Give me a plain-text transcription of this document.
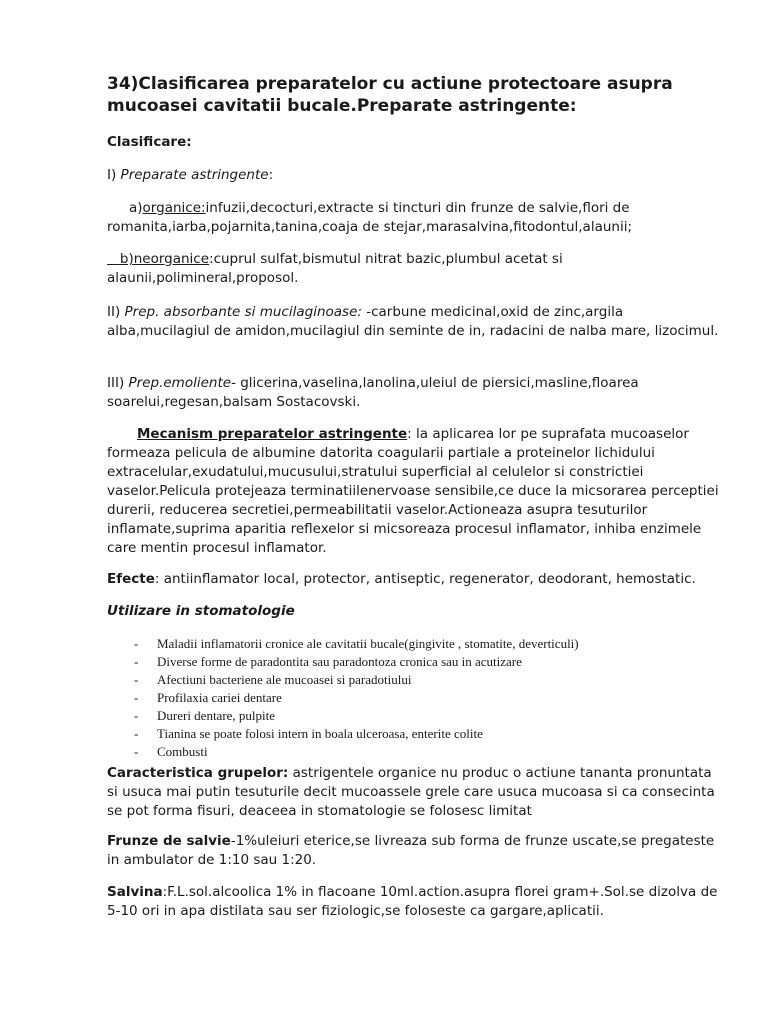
34)Clasificarea preparatelor cu actiune protectoare asupra mucoasei cavitatii bucale.Preparate astringente:

Clasificare:

I) Preparate astringente:

a)organice:infuzii,decocturi,extracte si tincturi din frunze de salvie,flori de romanita,iarba,pojarnita,tanina,coaja de stejar,marasalvina,fitodontul,alaunii;

b)neorganice:cuprul sulfat,bismutul nitrat bazic,plumbul acetat si alaunii,polimineral,proposol.

II) Prep. absorbante si mucilaginoase: -carbune medicinal,oxid de zinc,argila alba,mucilagiul de amidon,mucilagiul din seminte de in, radacini de nalba mare, lizocimul.

III) Prep.emoliente- glicerina,vaselina,lanolina,uleiul de piersici,masline,floarea soarelui,regesan,balsam Sostacovski.

Mecanism preparatelor astringente: la aplicarea lor pe suprafata mucoaselor formeaza pelicula de albumine datorita coagularii partiale a proteinelor lichidului extracelular,exudatului,mucusului,stratului superficial al celulelor si constrictiei vaselor.Pelicula protejeaza terminatiilenervoase sensibile,ce duce la micsorarea perceptiei durerii, reducerea secretiei,permeabilitatii vaselor.Actioneaza asupra tesuturilor inflamate,suprima aparitia reflexelor si micsoreaza procesul inflamator, inhiba enzimele care mentin procesul inflamator.

Efecte: antiinflamator local, protector, antiseptic, regenerator, deodorant, hemostatic.

Utilizare in stomatologie

- Maladii inflamatorii cronice ale cavitatii bucale(gingivite , stomatite, deverticuli)
- Diverse forme de paradontita sau paradontoza cronica sau in acutizare
- Afectiuni bacteriene ale mucoasei si paradotiului
- Profilaxia cariei dentare
- Dureri dentare, pulpite
- Tianina se poate folosi intern in boala ulceroasa, enterite colite
- Combusti

Caracteristica grupelor: astrigentele organice nu produc o actiune tananta pronuntata si usuca mai putin tesuturile decit mucoassele grele care usuca mucoasa si ca consecinta se pot forma fisuri, deaceea in stomatologie se folosesc limitat

Frunze de salvie-1%uleiuri eterice,se livreaza sub forma de frunze uscate,se pregateste in ambulator de 1:10 sau 1:20.

Salvina:F.L.sol.alcoolica 1% in flacoane 10ml.action.asupra florei gram+.Sol.se dizolva de 5-10 ori in apa distilata sau ser fiziologic,se foloseste ca gargare,aplicatii.
